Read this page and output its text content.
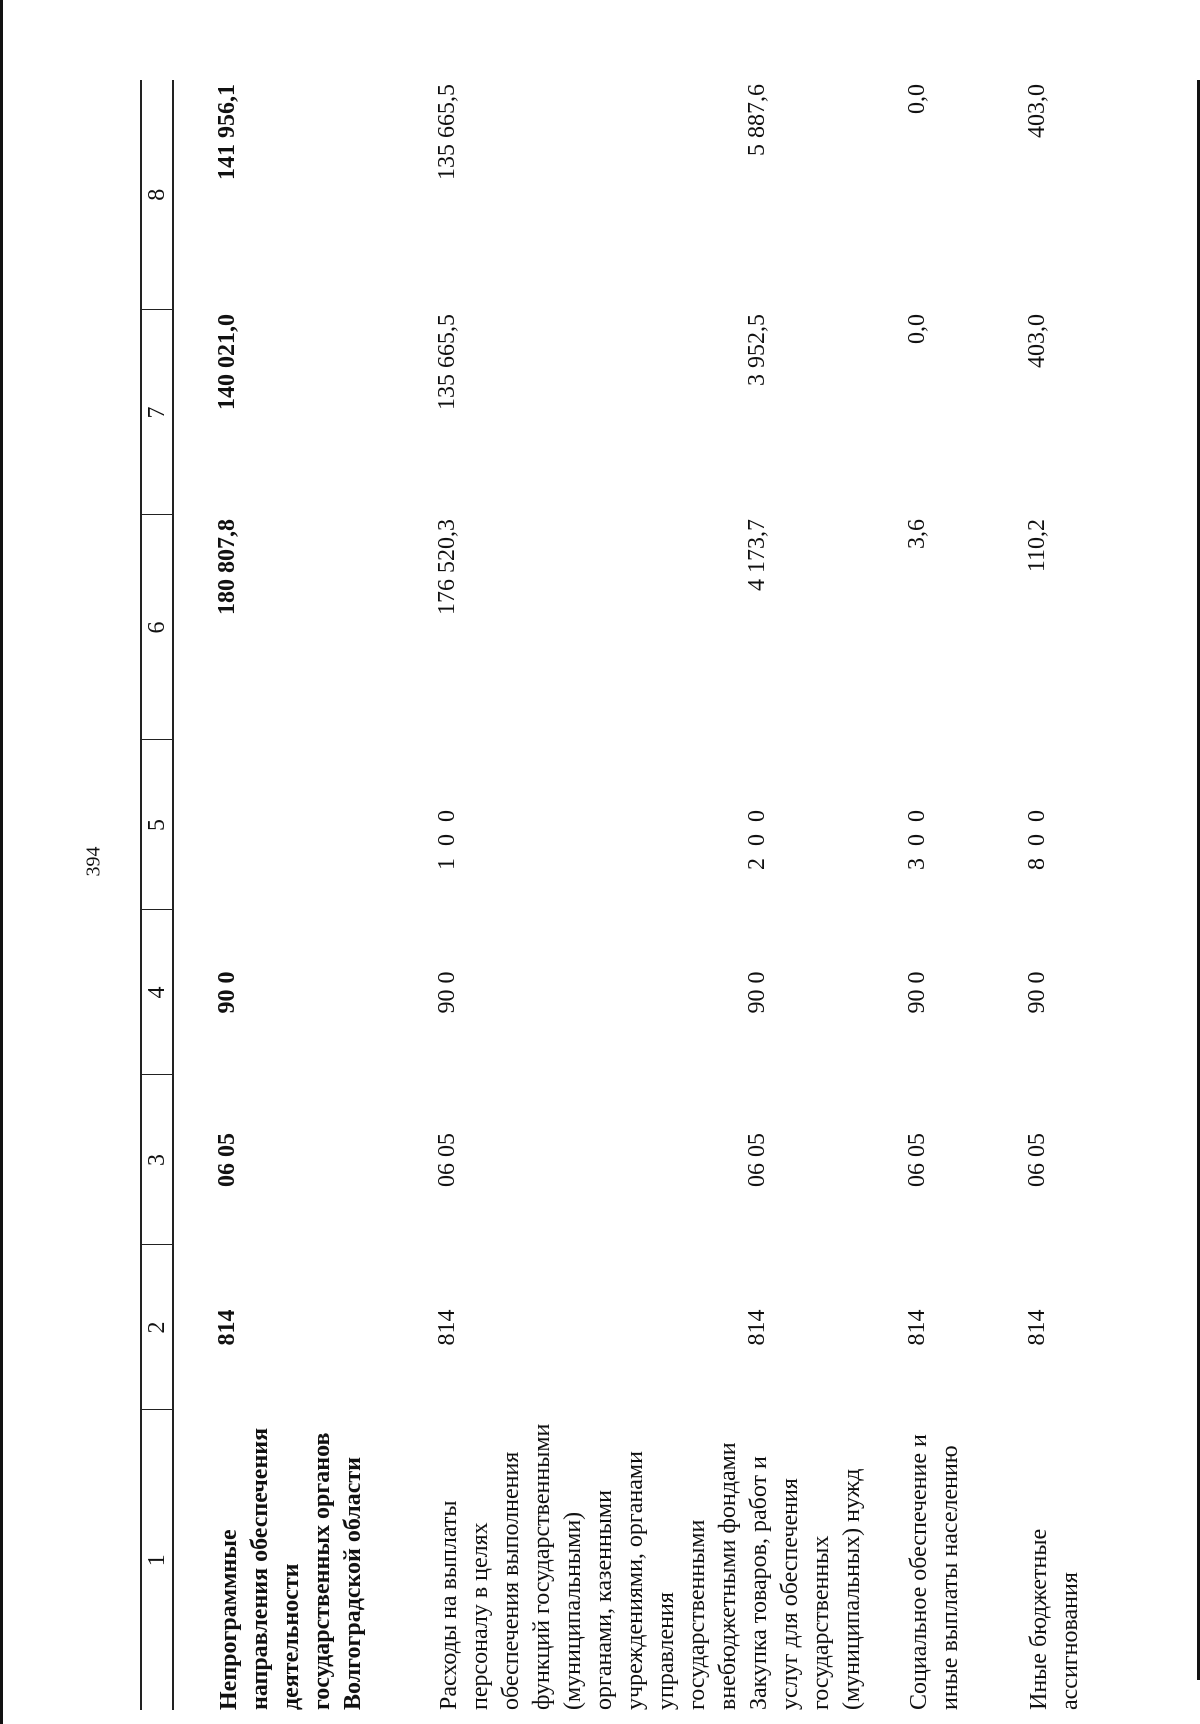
394
1	2	3	4	5	6	7	8
Непрограммные направления обеспечения деятельности государственных органов Волгоградской области	814	06 05	90 0		180 807,8	140 021,0	141 956,1
Расходы на выплаты персоналу в целях обеспечения выполнения функций государственными (муниципальными) органами, казенными учреждениями, органами управления государственными внебюджетными фондами	814	06 05	90 0	1 0 0	176 520,3	135 665,5	135 665,5
Закупка товаров, работ и услуг для обеспечения государственных (муниципальных) нужд	814	06 05	90 0	2 0 0	4 173,7	3 952,5	5 887,6
Социальное обеспечение и иные выплаты населению	814	06 05	90 0	3 0 0	3,6	0,0	0,0
Иные бюджетные ассигнования	814	06 05	90 0	8 0 0	110,2	403,0	403,0
